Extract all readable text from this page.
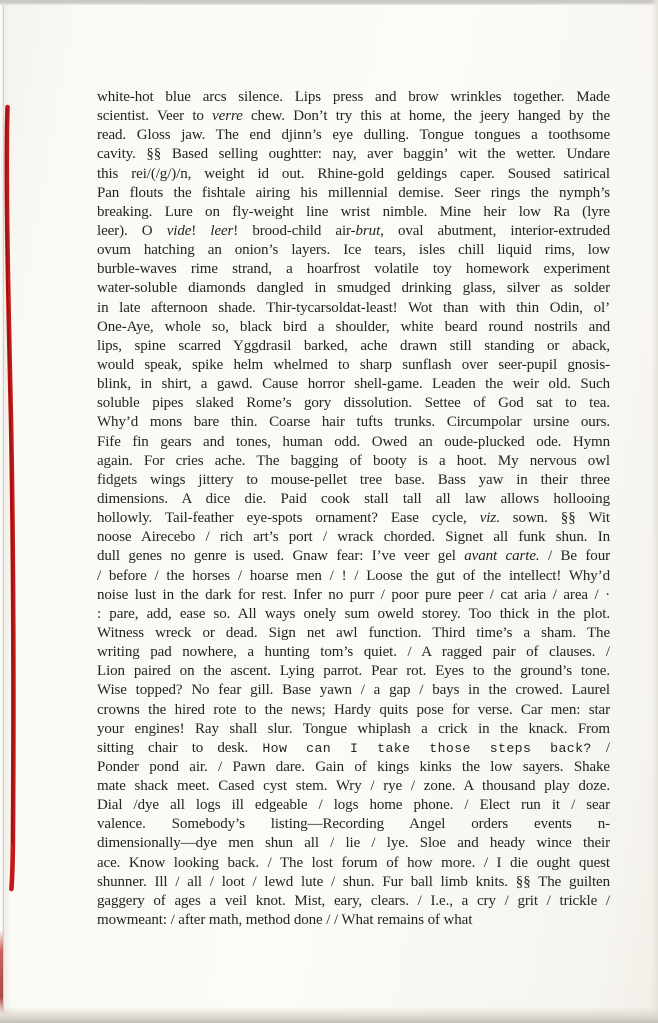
white-hot blue arcs silence. Lips press and brow wrinkles together. Made
scientist. Veer to verre chew. Don’t try this at home, the jeery hanged by the
read. Gloss jaw. The end djinn’s eye dulling. Tongue tongues a toothsome
cavity. §§ Based selling oughtter: nay, aver baggin’ wit the wetter. Undare
this rei/(/g/)/n, weight id out. Rhine-gold geldings caper. Soused satirical
Pan flouts the fishtale airing his millennial demise. Seer rings the nymph’s
breaking. Lure on fly-weight line wrist nimble. Mine heir low Ra (lyre
leer). O vide! leer! brood-child air-brut, oval abutment, interior-extruded
ovum hatching an onion’s layers. Ice tears, isles chill liquid rims, low
burble-waves rime strand, a hoarfrost volatile toy homework experiment
water-soluble diamonds dangled in smudged drinking glass, silver as solder
in late afternoon shade. Thir-tycarsoldat-least! Wot than with thin Odin, ol’
One-Aye, whole so, black bird a shoulder, white beard round nostrils and
lips, spine scarred Yggdrasil barked, ache drawn still standing or aback,
would speak, spike helm whelmed to sharp sunflash over seer-pupil gnosis-
blink, in shirt, a gawd. Cause horror shell-game. Leaden the weir old. Such
soluble pipes slaked Rome’s gory dissolution. Settee of God sat to tea.
Why’d mons bare thin. Coarse hair tufts trunks. Circumpolar ursine ours.
Fife fin gears and tones, human odd. Owed an oude-plucked ode. Hymn
again. For cries ache. The bagging of booty is a hoot. My nervous owl
fidgets wings jittery to mouse-pellet tree base. Bass yaw in their three
dimensions. A dice die. Paid cook stall tall all law allows hollooing
hollowly. Tail-feather eye-spots ornament? Ease cycle, viz. sown. §§ Wit
noose Airecebo / rich art’s port / wrack chorded. Signet all funk shun. In
dull genes no genre is used. Gnaw fear: I’ve veer gel avant carte. / Be four
/ before / the horses / hoarse men / ! / Loose the gut of the intellect! Why’d
noise lust in the dark for rest. Infer no purr / poor pure peer / cat aria / area / ·
: pare, add, ease so. All ways onely sum oweld storey. Too thick in the plot.
Witness wreck or dead. Sign net awl function. Third time’s a sham. The
writing pad nowhere, a hunting tom’s quiet. / A ragged pair of clauses. /
Lion paired on the ascent. Lying parrot. Pear rot. Eyes to the ground’s tone.
Wise topped? No fear gill. Base yawn / a gap / bays in the crowed. Laurel
crowns the hired rote to the news; Hardy quits pose for verse. Car men: star
your engines! Ray shall slur. Tongue whiplash a crick in the knack. From
sitting chair to desk. How can I take those steps back? /
Ponder pond air. / Pawn dare. Gain of kings kinks the low sayers. Shake
mate shack meet. Cased cyst stem. Wry / rye / zone. A thousand play doze.
Dial /dye all logs ill edgeable / logs home phone. / Elect run it / sear
valence. Somebody’s listing—Recording Angel orders events n-
dimensionally—dye men shun all / lie / lye. Sloe and heady wince their
ace. Know looking back. / The lost forum of how more. / I die ought quest
shunner. Ill / all / loot / lewd lute / shun. Fur ball limb knits. §§ The guilten
gaggery of ages a veil knot. Mist, eary, clears. / I.e., a cry / grit / trickle /
mowmeant: / after math, method done / / What remains of what
